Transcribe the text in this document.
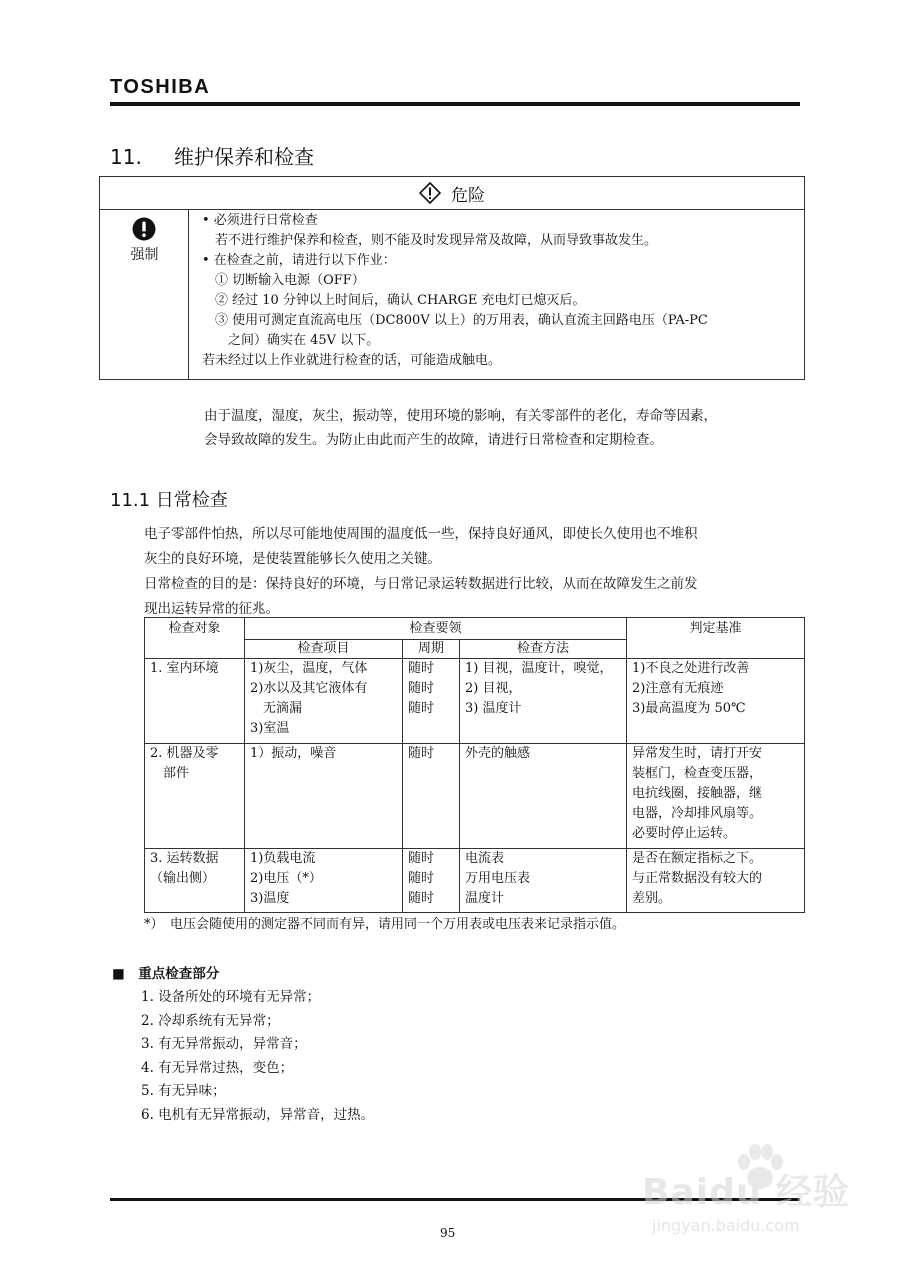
TOSHIBA
11. 维护保养和检查
危险
强制
• 必须进行日常检查
　若不进行维护保养和检查，则不能及时发现异常及故障，从而导致事故发生。
• 在检查之前，请进行以下作业：
　① 切断输入电源（OFF）
　② 经过 10 分钟以上时间后，确认 CHARGE 充电灯已熄灭后。
　③ 使用可测定直流高电压（DC800V 以上）的万用表，确认直流主回路电压（PA-PC
　　之间）确实在 45V 以下。
若未经过以上作业就进行检查的话，可能造成触电。
由于温度，湿度，灰尘，振动等，使用环境的影响，有关零部件的老化，寿命等因素，
会导致故障的发生。为防止由此而产生的故障，请进行日常检查和定期检查。
11.1 日常检查
电子零部件怕热，所以尽可能地使周围的温度低一些，保持良好通风，即使长久使用也不堆积
灰尘的良好环境，是使装置能够长久使用之关键。
日常检查的目的是：保持良好的环境，与日常记录运转数据进行比较，从而在故障发生之前发
现出运转异常的征兆。
检查对象	检查要领			判定基准
	检查项目	周期	检查方法	

1. 室内环境	1)灰尘，温度，气体
2)水以及其它液体有
　无滴漏
3)室温	随时
随时
随时	1) 目视，温度计，嗅觉，
2) 目视，
3) 温度计	1)不良之处进行改善
2)注意有无痕迹
3)最高温度为 50℃

2. 机器及零
　部件	1）振动，噪音	随时	外壳的触感	异常发生时，请打开安
装框门，检查变压器，
电抗线圈，接触器，继
电器，冷却排风扇等。
必要时停止运转。

3. 运转数据
（输出侧）	1)负载电流
2)电压（*）
3)温度	随时
随时
随时	电流表
万用电压表
温度计	是否在额定指标之下。
与正常数据没有较大的
差别。
*）　电压会随使用的测定器不同而有异，请用同一个万用表或电压表来记录指示值。
■　重点检查部分
1. 设备所处的环境有无异常；
2. 冷却系统有无异常；
3. 有无异常振动，异常音；
4. 有无异常过热，变色；
5. 有无异味；
6. 电机有无异常振动，异常音，过热。
95
Baidu 经验
jingyan.baidu.com
